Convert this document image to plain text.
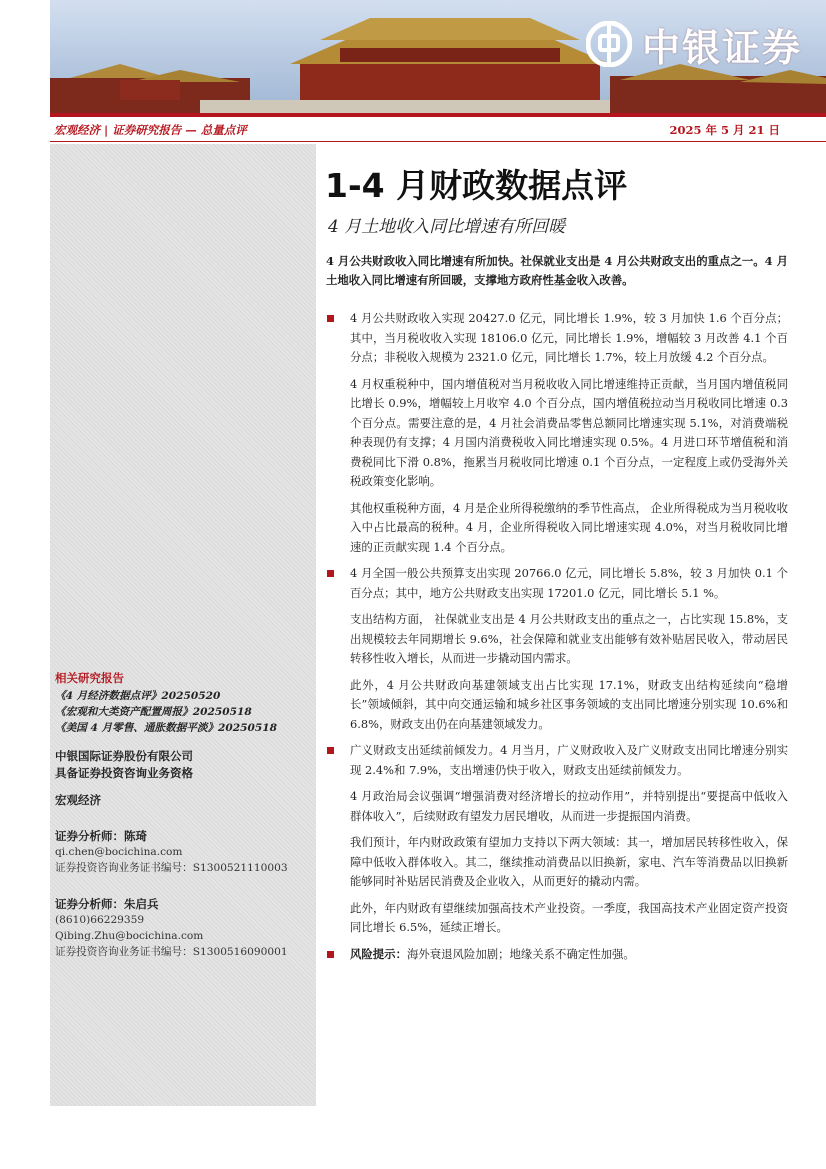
中银证券
宏观经济 | 证券研究报告 — 总量点评	2025 年 5 月 21 日
相关研究报告
《4 月经济数据点评》20250520
《宏观和大类资产配置周报》20250518
《美国 4 月零售、通胀数据平淡》20250518
中银国际证券股份有限公司
具备证券投资咨询业务资格
宏观经济
证券分析师：陈琦
qi.chen@bocichina.com
证券投资咨询业务证书编号：S1300521110003
证券分析师：朱启兵
(8610)66229359
Qibing.Zhu@bocichina.com
证券投资咨询业务证书编号：S1300516090001
1-4 月财政数据点评
4 月土地收入同比增速有所回暖
4 月公共财政收入同比增速有所加快。社保就业支出是 4 月公共财政支出的重点之一。4 月土地收入同比增速有所回暖，支撑地方政府性基金收入改善。
4 月公共财政收入实现 20427.0 亿元，同比增长 1.9%，较 3 月加快 1.6 个百分点；其中，当月税收收入实现 18106.0 亿元，同比增长 1.9%，增幅较 3 月改善 4.1 个百分点；非税收入规模为 2321.0 亿元，同比增长 1.7%，较上月放缓 4.2 个百分点。
4 月权重税种中，国内增值税对当月税收收入同比增速维持正贡献，当月国内增值税同比增长 0.9%，增幅较上月收窄 4.0 个百分点，国内增值税拉动当月税收同比增速 0.3 个百分点。需要注意的是，4 月社会消费品零售总额同比增速实现 5.1%，对消费端税种表现仍有支撑；4 月国内消费税收入同比增速实现 0.5%。4 月进口环节增值税和消费税同比下滑 0.8%，拖累当月税收同比增速 0.1 个百分点，一定程度上或仍受海外关税政策变化影响。
其他权重税种方面，4 月是企业所得税缴纳的季节性高点， 企业所得税成为当月税收收入中占比最高的税种。4 月，企业所得税收入同比增速实现 4.0%，对当月税收同比增速的正贡献实现 1.4 个百分点。
4 月全国一般公共预算支出实现 20766.0 亿元，同比增长 5.8%，较 3 月加快 0.1 个百分点；其中，地方公共财政支出实现 17201.0 亿元，同比增长 5.1 %。
支出结构方面， 社保就业支出是 4 月公共财政支出的重点之一，占比实现 15.8%，支出规模较去年同期增长 9.6%，社会保障和就业支出能够有效补贴居民收入，带动居民转移性收入增长，从而进一步撬动国内需求。
此外，4 月公共财政向基建领域支出占比实现 17.1%，财政支出结构延续向“稳增长”领域倾斜，其中向交通运输和城乡社区事务领域的支出同比增速分别实现 10.6%和 6.8%，财政支出仍在向基建领域发力。
广义财政支出延续前倾发力。4 月当月，广义财政收入及广义财政支出同比增速分别实现 2.4%和 7.9%，支出增速仍快于收入，财政支出延续前倾发力。
4 月政治局会议强调“增强消费对经济增长的拉动作用”，并特别提出“要提高中低收入群体收入”，后续财政有望发力居民增收，从而进一步提振国内消费。
我们预计，年内财政政策有望加力支持以下两大领域：其一，增加居民转移性收入，保障中低收入群体收入。其二，继续推动消费品以旧换新，家电、汽车等消费品以旧换新能够同时补贴居民消费及企业收入，从而更好的撬动内需。
此外，年内财政有望继续加强高技术产业投资。一季度，我国高技术产业固定资产投资同比增长 6.5%，延续正增长。
风险提示：海外衰退风险加剧；地缘关系不确定性加强。
